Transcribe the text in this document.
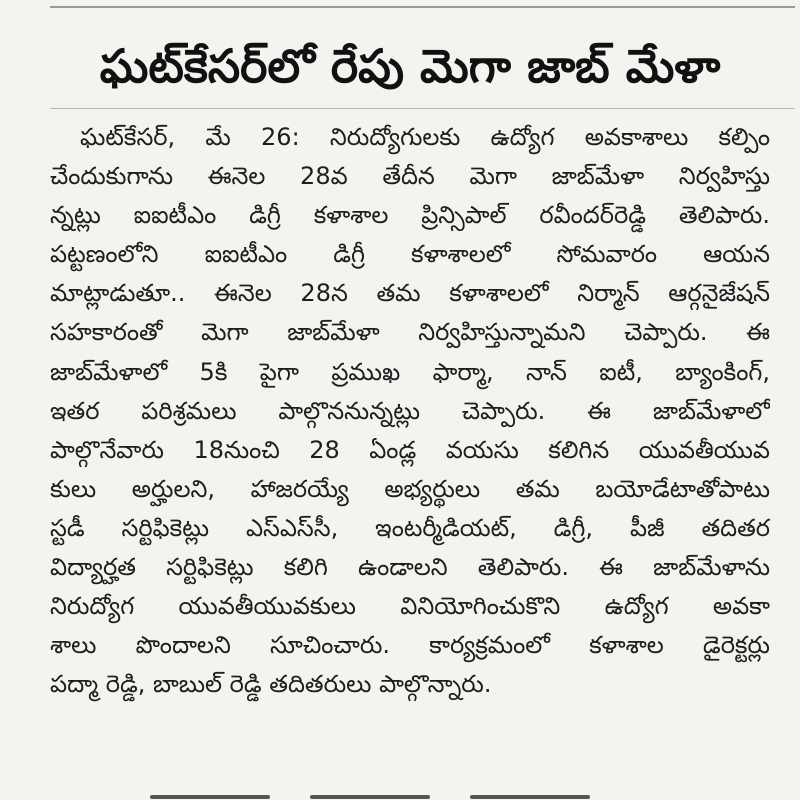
ఘట్‌కేసర్‌లో రేపు మెగా జాబ్‌ మేళా
ఘట్‌కేసర్‌, మే 26: నిరుద్యోగులకు ఉద్యోగ అవకాశాలు కల్పిం
చేందుకుగాను ఈనెల 28వ తేదీన మెగా జాబ్‌మేళా నిర్వహిస్తు
న్నట్లు ఐఐటీఎం డిగ్రీ కళాశాల ప్రిన్సిపాల్‌ రవీందర్‌రెడ్డి తెలిపారు.
పట్టణంలోని ఐఐటీఎం డిగ్రీ కళాశాలలో సోమవారం ఆయన
మాట్లాడుతూ.. ఈనెల 28న తమ కళాశాలలో నిర్మాన్‌ ఆర్గనైజేషన్‌
సహకారంతో మెగా జాబ్‌మేళా నిర్వహిస్తున్నామని చెప్పారు. ఈ
జాబ్‌మేళాలో 5కి పైగా ప్రముఖ ఫార్మా, నాన్‌ ఐటీ, బ్యాంకింగ్‌,
ఇతర పరిశ్రమలు పాల్గొననున్నట్లు చెప్పారు. ఈ జాబ్‌మేళాలో
పాల్గొనేవారు 18నుంచి 28 ఏండ్ల వయసు కలిగిన యువతీయువ
కులు అర్హులని, హాజరయ్యే అభ్యర్థులు తమ బయోడేటాతోపాటు
స్టడీ సర్టిఫికెట్లు ఎస్‌ఎస్‌సీ, ఇంటర్మీడియట్‌, డిగ్రీ, పీజీ తదితర
విద్యార్హత సర్టిఫికెట్లు కలిగి ఉండాలని తెలిపారు. ఈ జాబ్‌మేళాను
నిరుద్యోగ యువతీయువకులు వినియోగించుకొని ఉద్యోగ అవకా
శాలు పొందాలని సూచించారు. కార్యక్రమంలో కళాశాల డైరెక్టర్లు
పద్మా రెడ్డి, బాబుల్‌ రెడ్డి తదితరులు పాల్గొన్నారు.
